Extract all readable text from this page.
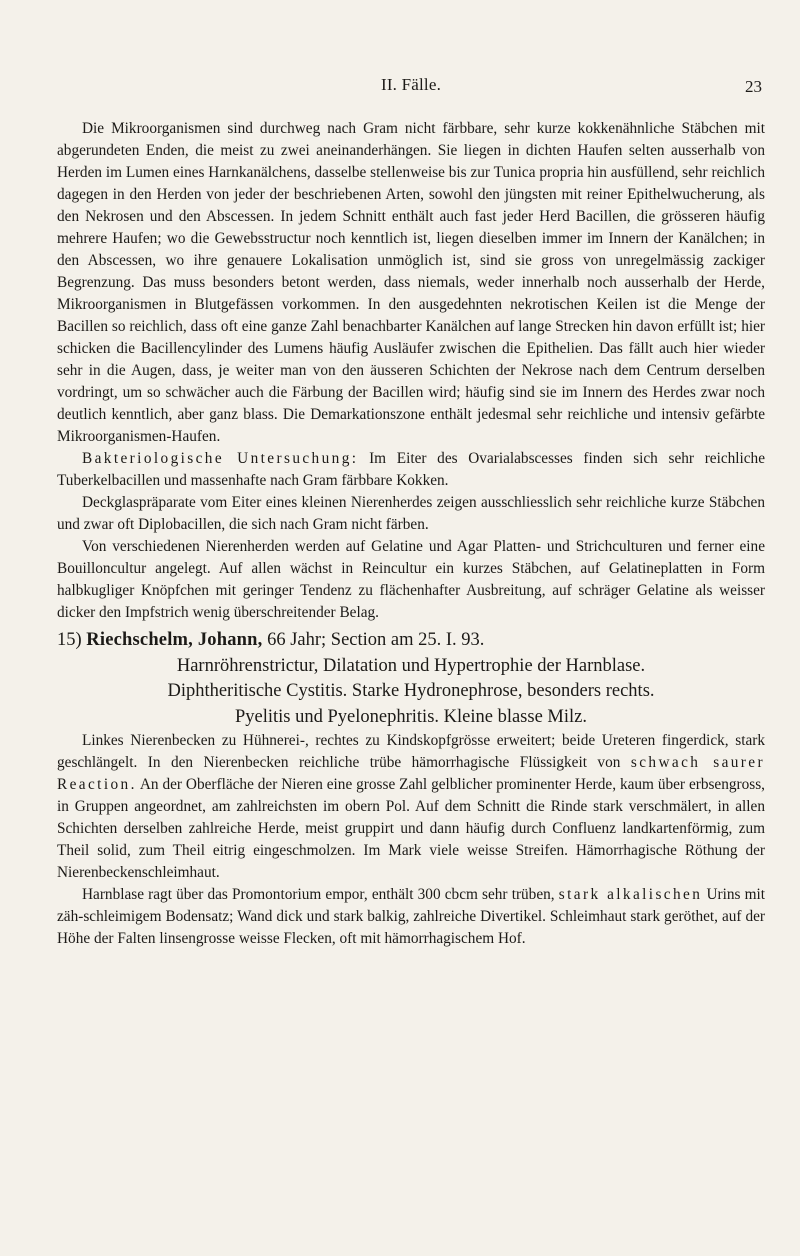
II. Fälle.	23

Die Mikroorganismen sind durchweg nach Gram nicht färbbare, sehr kurze kokkenähnliche Stäbchen mit abgerundeten Enden, die meist zu zwei aneinanderhängen. Sie liegen in dichten Haufen selten ausserhalb von Herden im Lumen eines Harnkanälchens, dasselbe stellenweise bis zur Tunica propria hin ausfüllend, sehr reichlich dagegen in den Herden von jeder der beschriebenen Arten, sowohl den jüngsten mit reiner Epithelwucherung, als den Nekrosen und den Abscessen. In jedem Schnitt enthält auch fast jeder Herd Bacillen, die grösseren häufig mehrere Haufen; wo die Gewebsstructur noch kenntlich ist, liegen dieselben immer im Innern der Kanälchen; in den Abscessen, wo ihre genauere Lokalisation unmöglich ist, sind sie gross von unregelmässig zackiger Begrenzung. Das muss besonders betont werden, dass niemals, weder innerhalb noch ausserhalb der Herde, Mikroorganismen in Blutgefässen vorkommen. In den ausgedehnten nekrotischen Keilen ist die Menge der Bacillen so reichlich, dass oft eine ganze Zahl benachbarter Kanälchen auf lange Strecken hin davon erfüllt ist; hier schicken die Bacillencylinder des Lumens häufig Ausläufer zwischen die Epithelien. Das fällt auch hier wieder sehr in die Augen, dass, je weiter man von den äusseren Schichten der Nekrose nach dem Centrum derselben vordringt, um so schwächer auch die Färbung der Bacillen wird; häufig sind sie im Innern des Herdes zwar noch deutlich kenntlich, aber ganz blass. Die Demarkationszone enthält jedesmal sehr reichliche und intensiv gefärbte Mikroorganismen-Haufen.

Bakteriologische Untersuchung: Im Eiter des Ovarialabscesses finden sich sehr reichliche Tuberkelbacillen und massenhafte nach Gram färbbare Kokken.

Deckglaspräparate vom Eiter eines kleinen Nierenherdes zeigen ausschliesslich sehr reichliche kurze Stäbchen und zwar oft Diplobacillen, die sich nach Gram nicht färben.

Von verschiedenen Nierenherden werden auf Gelatine und Agar Platten- und Strichculturen und ferner eine Bouilloncultur angelegt. Auf allen wächst in Reincultur ein kurzes Stäbchen, auf Gelatineplatten in Form halbkugliger Knöpfchen mit geringer Tendenz zu flächenhafter Ausbreitung, auf schräger Gelatine als weisser dicker den Impfstrich wenig überschreitender Belag.

15) Riechschelm, Johann, 66 Jahr; Section am 25. I. 93.
Harnröhrenstrictur, Dilatation und Hypertrophie der Harnblase.
Diphtheritische Cystitis. Starke Hydronephrose, besonders rechts.
Pyelitis und Pyelonephritis. Kleine blasse Milz.

Linkes Nierenbecken zu Hühnerei-, rechtes zu Kindskopfgrösse erweitert; beide Ureteren fingerdick, stark geschlängelt. In den Nierenbecken reichliche trübe hämorrhagische Flüssigkeit von schwach saurer Reaction. An der Oberfläche der Nieren eine grosse Zahl gelblicher prominenter Herde, kaum über erbsengross, in Gruppen angeordnet, am zahlreichsten im obern Pol. Auf dem Schnitt die Rinde stark verschmälert, in allen Schichten derselben zahlreiche Herde, meist gruppirt und dann häufig durch Confluenz landkartenförmig, zum Theil solid, zum Theil eitrig eingeschmolzen. Im Mark viele weisse Streifen. Hämorrhagische Röthung der Nierenbeckenschleimhaut.

Harnblase ragt über das Promontorium empor, enthält 300 cbcm sehr trüben, stark alkalischen Urins mit zäh-schleimigem Bodensatz; Wand dick und stark balkig, zahlreiche Divertikel. Schleimhaut stark geröthet, auf der Höhe der Falten linsengrosse weisse Flecken, oft mit hämorrhagischem Hof.
